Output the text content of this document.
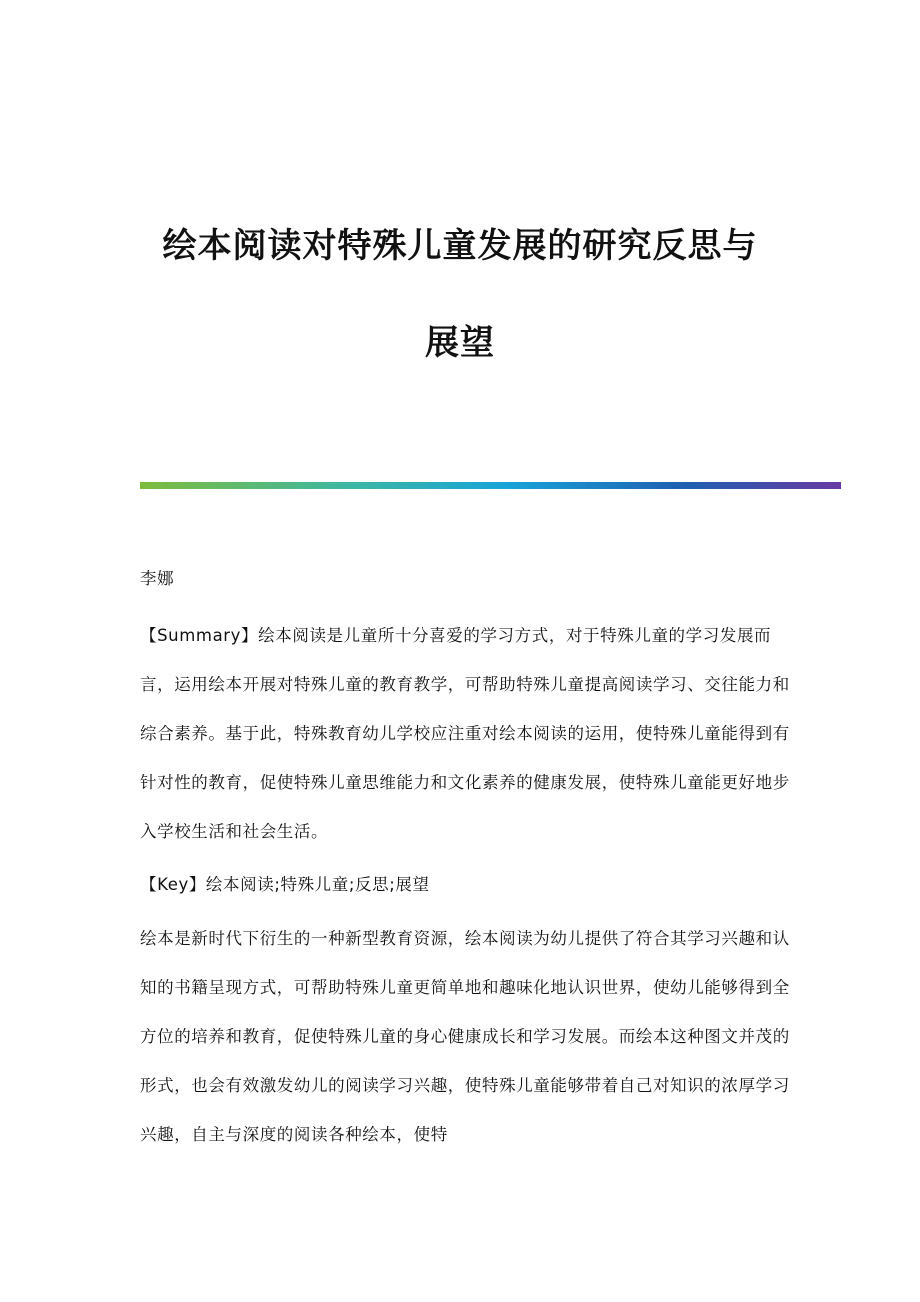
绘本阅读对特殊儿童发展的研究反思与
展望
李娜
【Summary】绘本阅读是儿童所十分喜爱的学习方式，对于特殊儿童的学习发展而言，运用绘本开展对特殊儿童的教育教学，可帮助特殊儿童提高阅读学习、交往能力和综合素养。基于此，特殊教育幼儿学校应注重对绘本阅读的运用，使特殊儿童能得到有针对性的教育，促使特殊儿童思维能力和文化素养的健康发展，使特殊儿童能更好地步入学校生活和社会生活。
【Key】绘本阅读;特殊儿童;反思;展望
绘本是新时代下衍生的一种新型教育资源，绘本阅读为幼儿提供了符合其学习兴趣和认知的书籍呈现方式，可帮助特殊儿童更简单地和趣味化地认识世界，使幼儿能够得到全方位的培养和教育，促使特殊儿童的身心健康成长和学习发展。而绘本这种图文并茂的形式，也会有效激发幼儿的阅读学习兴趣，使特殊儿童能够带着自己对知识的浓厚学习兴趣，自主与深度的阅读各种绘本，使特
